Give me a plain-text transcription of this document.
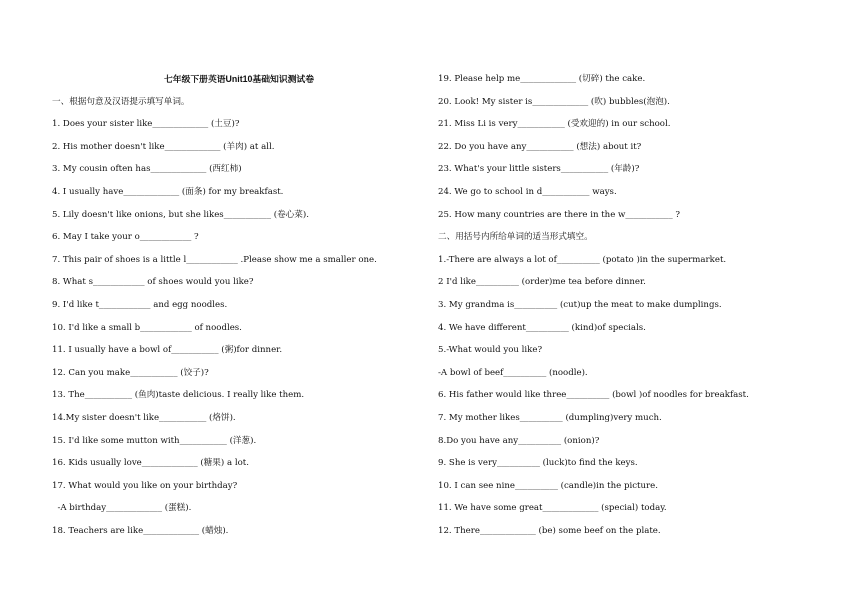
七年级下册英语Unit10基础知识测试卷
一、根据句意及汉语提示填写单词。
1. Does your sister like_____________ (土豆)?
2. His mother doesn't like_____________ (羊肉) at all.
3. My cousin often has_____________ (西红柿)
4. I usually have_____________ (面条) for my breakfast.
5. Lily doesn't like onions, but she likes___________ (卷心菜).
6. May I take your o____________ ?
7. This pair of shoes is a little l____________ .Please show me a smaller one.
8. What s____________ of shoes would you like?
9. I'd like t____________ and egg noodles.
10. I'd like a small b____________ of noodles.
11. I usually have a bowl of___________ (粥)for dinner.
12. Can you make___________ (饺子)?
13. The___________ (鱼肉)taste delicious. I really like them.
14.My sister doesn't like___________ (烙饼).
15. I'd like some mutton with___________ (洋葱).
16. Kids usually love_____________ (糖果) a lot.
17. What would you like on your birthday?
-A birthday_____________ (蛋糕).
18. Teachers are like_____________ (蜡烛).
19. Please help me_____________ (切碎) the cake.
20. Look! My sister is_____________ (吹) bubbles(泡泡).
21. Miss Li is very___________ (受欢迎的) in our school.
22. Do you have any___________ (想法) about it?
23. What's your little sisters___________ (年龄)?
24. We go to school in d___________ ways.
25. How many countries are there in the w___________ ?
二、用括号内所给单词的适当形式填空。
1.-There are always a lot of__________ (potato )in the supermarket.
2 I'd like__________ (order)me tea before dinner.
3. My grandma is__________ (cut)up the meat to make dumplings.
4. We have different__________ (kind)of specials.
5.-What would you like?
-A bowl of beef__________ (noodle).
6. His father would like three__________ (bowl )of noodles for breakfast.
7. My mother likes__________ (dumpling)very much.
8.Do you have any__________ (onion)?
9. She is very__________ (luck)to find the keys.
10. I can see nine__________ (candle)in the picture.
11. We have some great_____________ (special) today.
12. There_____________ (be) some beef on the plate.
